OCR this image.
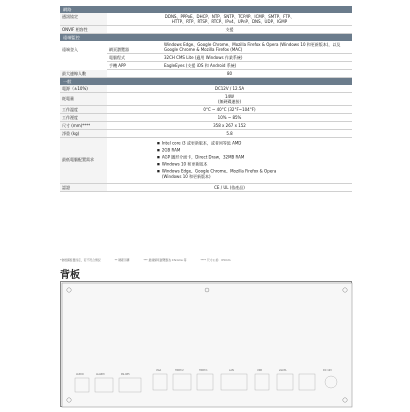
網路
通訊協定	DDNS、PPPoE、DHCP、NTP、SNTP、TCP/IP、ICMP、SMTP、FTP、
HTTP、RTP、RTSP、RTCP、IPv4、UPnP、DNS、UDP、IGMP
ONVIF 相容性	支援
遠端監控
遠端登入	網頁瀏覽器
Windows Edge、Google Chrome、Mozilla Firefox & Opera (Windows 10 和更新版本)，以及 Google Chrome & Mozilla Firefox (MAC)
電腦程式	32CH CMS Lite (適用 Windows 作業系統)
手機 APP	EagleEyes (支援 iOS 和 Android 系統)
最大連線人數	80
一般
電源（±10%)	DC12V / 12.5A
耗電量	14W
(無硬碟連接)
工作溫度	0°C ~ 40°C (32°F~104°F)
工作溼度	10% ~ 85%
尺寸 (mm)****	358 x 267 x 152
淨重 (kg)	5.8
最低電腦配置需求
■ Intel core i3 或更新版本，或者同等級 AMD
■ 2GB RAM
■ AGP 圖形介面卡，Direct Draw，32MB RAM
■ Windows 10 和更新版本
■ Windows Edge、Google Chrome、Mozilla Firefox & Opera
(Windows 10 和更新版本)
認證	CE / UL (依產品)
*會根據裝置而定，若不符合情況	** 硬碟另購	*** 最適網頁瀏覽器為 Chrome 等	**** 尺寸公差：±5mm
背板
AUDIO	ALARM	RS-485
VGA	HDMI 2	HDMI 1	LAN	USB	eSATA	DC 12V
